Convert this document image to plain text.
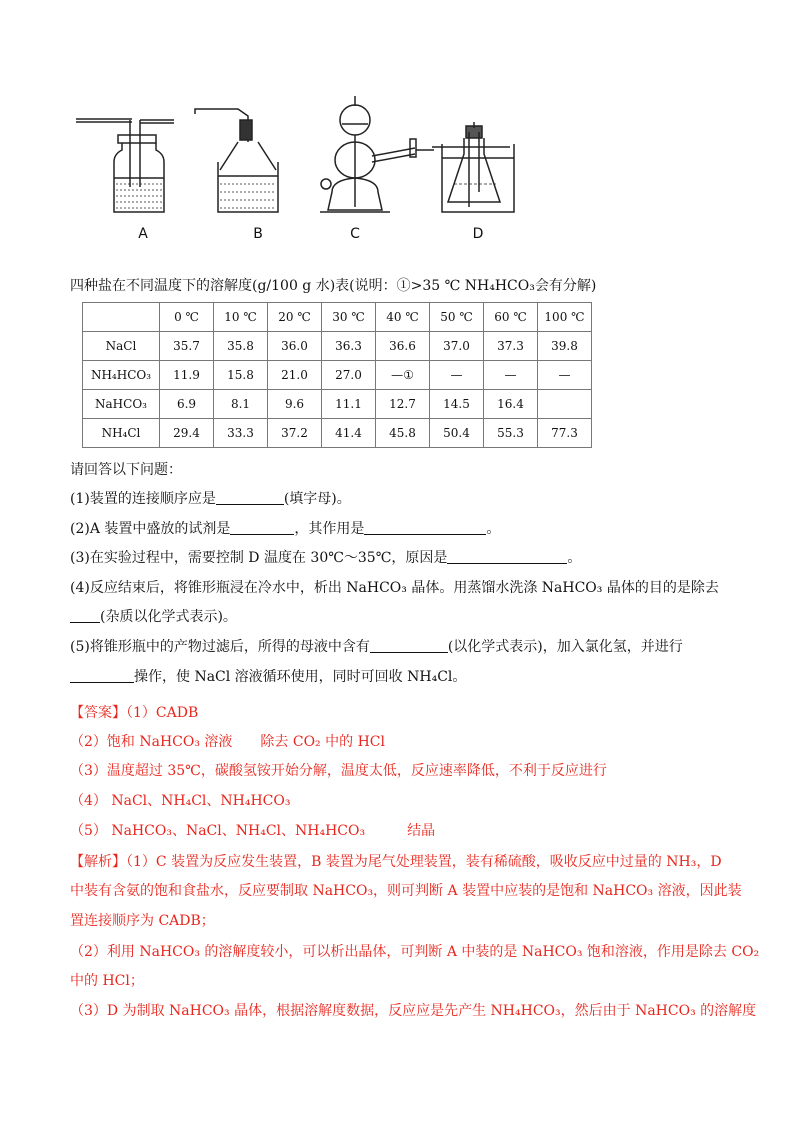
A	B	C	D
四种盐在不同温度下的溶解度(g/100 g 水)表(说明：①>35 ℃ NH₄HCO₃会有分解)
	0 ℃	10 ℃	20 ℃	30 ℃	40 ℃	50 ℃	60 ℃	100 ℃
NaCl	35.7	35.8	36.0	36.3	36.6	37.0	37.3	39.8
NH₄HCO₃	11.9	15.8	21.0	27.0	—①	—	—	—
NaHCO₃	6.9	8.1	9.6	11.1	12.7	14.5	16.4	
NH₄Cl	29.4	33.3	37.2	41.4	45.8	50.4	55.3	77.3
请回答以下问题：
(1)装置的连接顺序应是	(填字母)。
(2)A 装置中盛放的试剂是	，其作用是	。
(3)在实验过程中，需要控制 D 温度在 30℃～35℃，原因是	。
(4)反应结束后，将锥形瓶浸在冷水中，析出 NaHCO₃ 晶体。用蒸馏水洗涤 NaHCO₃ 晶体的目的是除去
(杂质以化学式表示)。
(5)将锥形瓶中的产物过滤后，所得的母液中含有	(以化学式表示)，加入氯化氢，并进行
操作，使 NaCl 溶液循环使用，同时可回收 NH₄Cl。
【答案】（1）CADB
（2）饱和 NaHCO₃ 溶液　　除去 CO₂ 中的 HCl
（3）温度超过 35℃，碳酸氢铵开始分解，温度太低，反应速率降低，不利于反应进行
（4） NaCl、NH₄Cl、NH₄HCO₃
（5） NaHCO₃、NaCl、NH₄Cl、NH₄HCO₃　　　结晶
【解析】（1）C 装置为反应发生装置，B 装置为尾气处理装置，装有稀硫酸，吸收反应中过量的 NH₃，D
中装有含氨的饱和食盐水，反应要制取 NaHCO₃，则可判断 A 装置中应装的是饱和 NaHCO₃ 溶液，因此装
置连接顺序为 CADB；
（2）利用 NaHCO₃ 的溶解度较小，可以析出晶体，可判断 A 中装的是 NaHCO₃ 饱和溶液，作用是除去 CO₂
中的 HCl；
（3）D 为制取 NaHCO₃ 晶体，根据溶解度数据，反应应是先产生 NH₄HCO₃，然后由于 NaHCO₃ 的溶解度
